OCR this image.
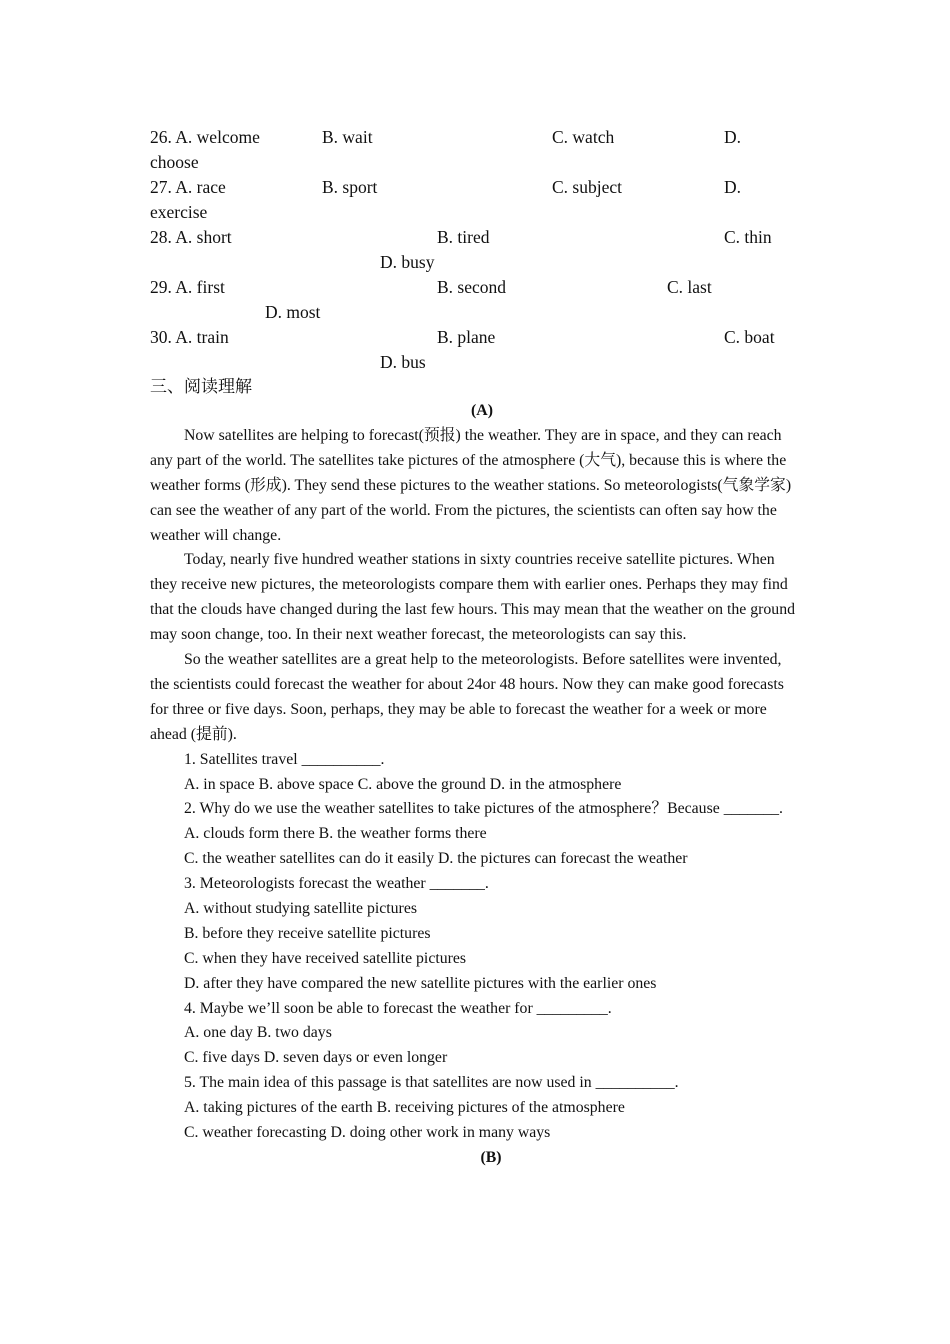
26. A. welcome	B. wait	C. watch	D.
choose
27. A. race	B. sport	C. subject	D.
exercise
28. A. short	B. tired	C. thin
D. busy
29. A. first	B. second	C. last
D. most
30. A. train	B. plane	C. boat
D. bus
三、阅读理解
(A)

Now satellites are helping to forecast(预报) the weather. They are in space, and they can reach any part of the world. The satellites take pictures of the atmosphere (大气), because this is where the weather forms (形成). They send these pictures to the weather stations. So meteorologists(气象学家) can see the weather of any part of the world. From the pictures, the scientists can often say how the weather will change.

Today, nearly five hundred weather stations in sixty countries receive satellite pictures. When they receive new pictures, the meteorologists compare them with earlier ones. Perhaps they may find that the clouds have changed during the last few hours. This may mean that the weather on the ground may soon change, too. In their next weather forecast, the meteorologists can say this.

So the weather satellites are a great help to the meteorologists. Before satellites were invented, the scientists could forecast the weather for about 24or 48 hours. Now they can make good forecasts for three or five days. Soon, perhaps, they may be able to forecast the weather for a week or more ahead (提前).

1. Satellites travel __________.
A. in space B. above space C. above the ground D. in the atmosphere
2. Why do we use the weather satellites to take pictures of the atmosphere？Because _______.
A. clouds form there B. the weather forms there
C. the weather satellites can do it easily D. the pictures can forecast the weather
3. Meteorologists forecast the weather _______.
A. without studying satellite pictures
B. before they receive satellite pictures
C. when they have received satellite pictures
D. after they have compared the new satellite pictures with the earlier ones
4. Maybe we’ll soon be able to forecast the weather for _________.
A. one day B. two days
C. five days D. seven days or even longer
5. The main idea of this passage is that satellites are now used in __________.
A. taking pictures of the earth B. receiving pictures of the atmosphere
C. weather forecasting D. doing other work in many ways
(B)
